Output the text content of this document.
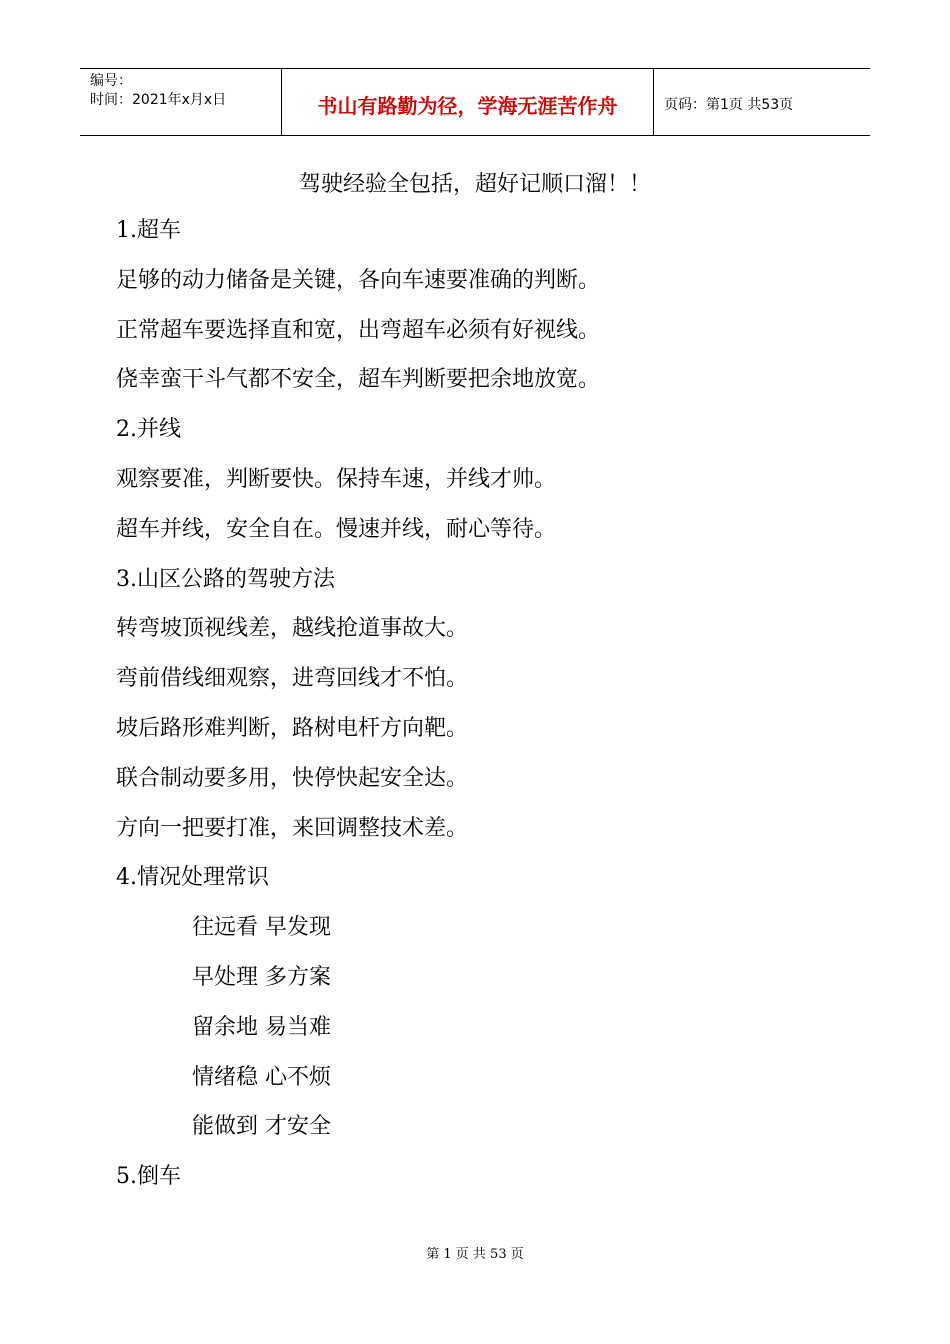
编号：
时间：2021年x月x日	书山有路勤为径，学海无涯苦作舟	页码：第1页 共53页
驾驶经验全包括，超好记顺口溜！！
1.超车
足够的动力储备是关键，各向车速要准确的判断。
正常超车要选择直和宽，出弯超车必须有好视线。
侥幸蛮干斗气都不安全，超车判断要把余地放宽。
2.并线
观察要准，判断要快。保持车速，并线才帅。
超车并线，安全自在。慢速并线，耐心等待。
3.山区公路的驾驶方法
转弯坡顶视线差，越线抢道事故大。
弯前借线细观察，进弯回线才不怕。
坡后路形难判断，路树电杆方向靶。
联合制动要多用，快停快起安全达。
方向一把要打准，来回调整技术差。
4.情况处理常识
往远看 早发现
早处理 多方案
留余地 易当难
情绪稳 心不烦
能做到 才安全
5.倒车
第 1 页 共 53 页
